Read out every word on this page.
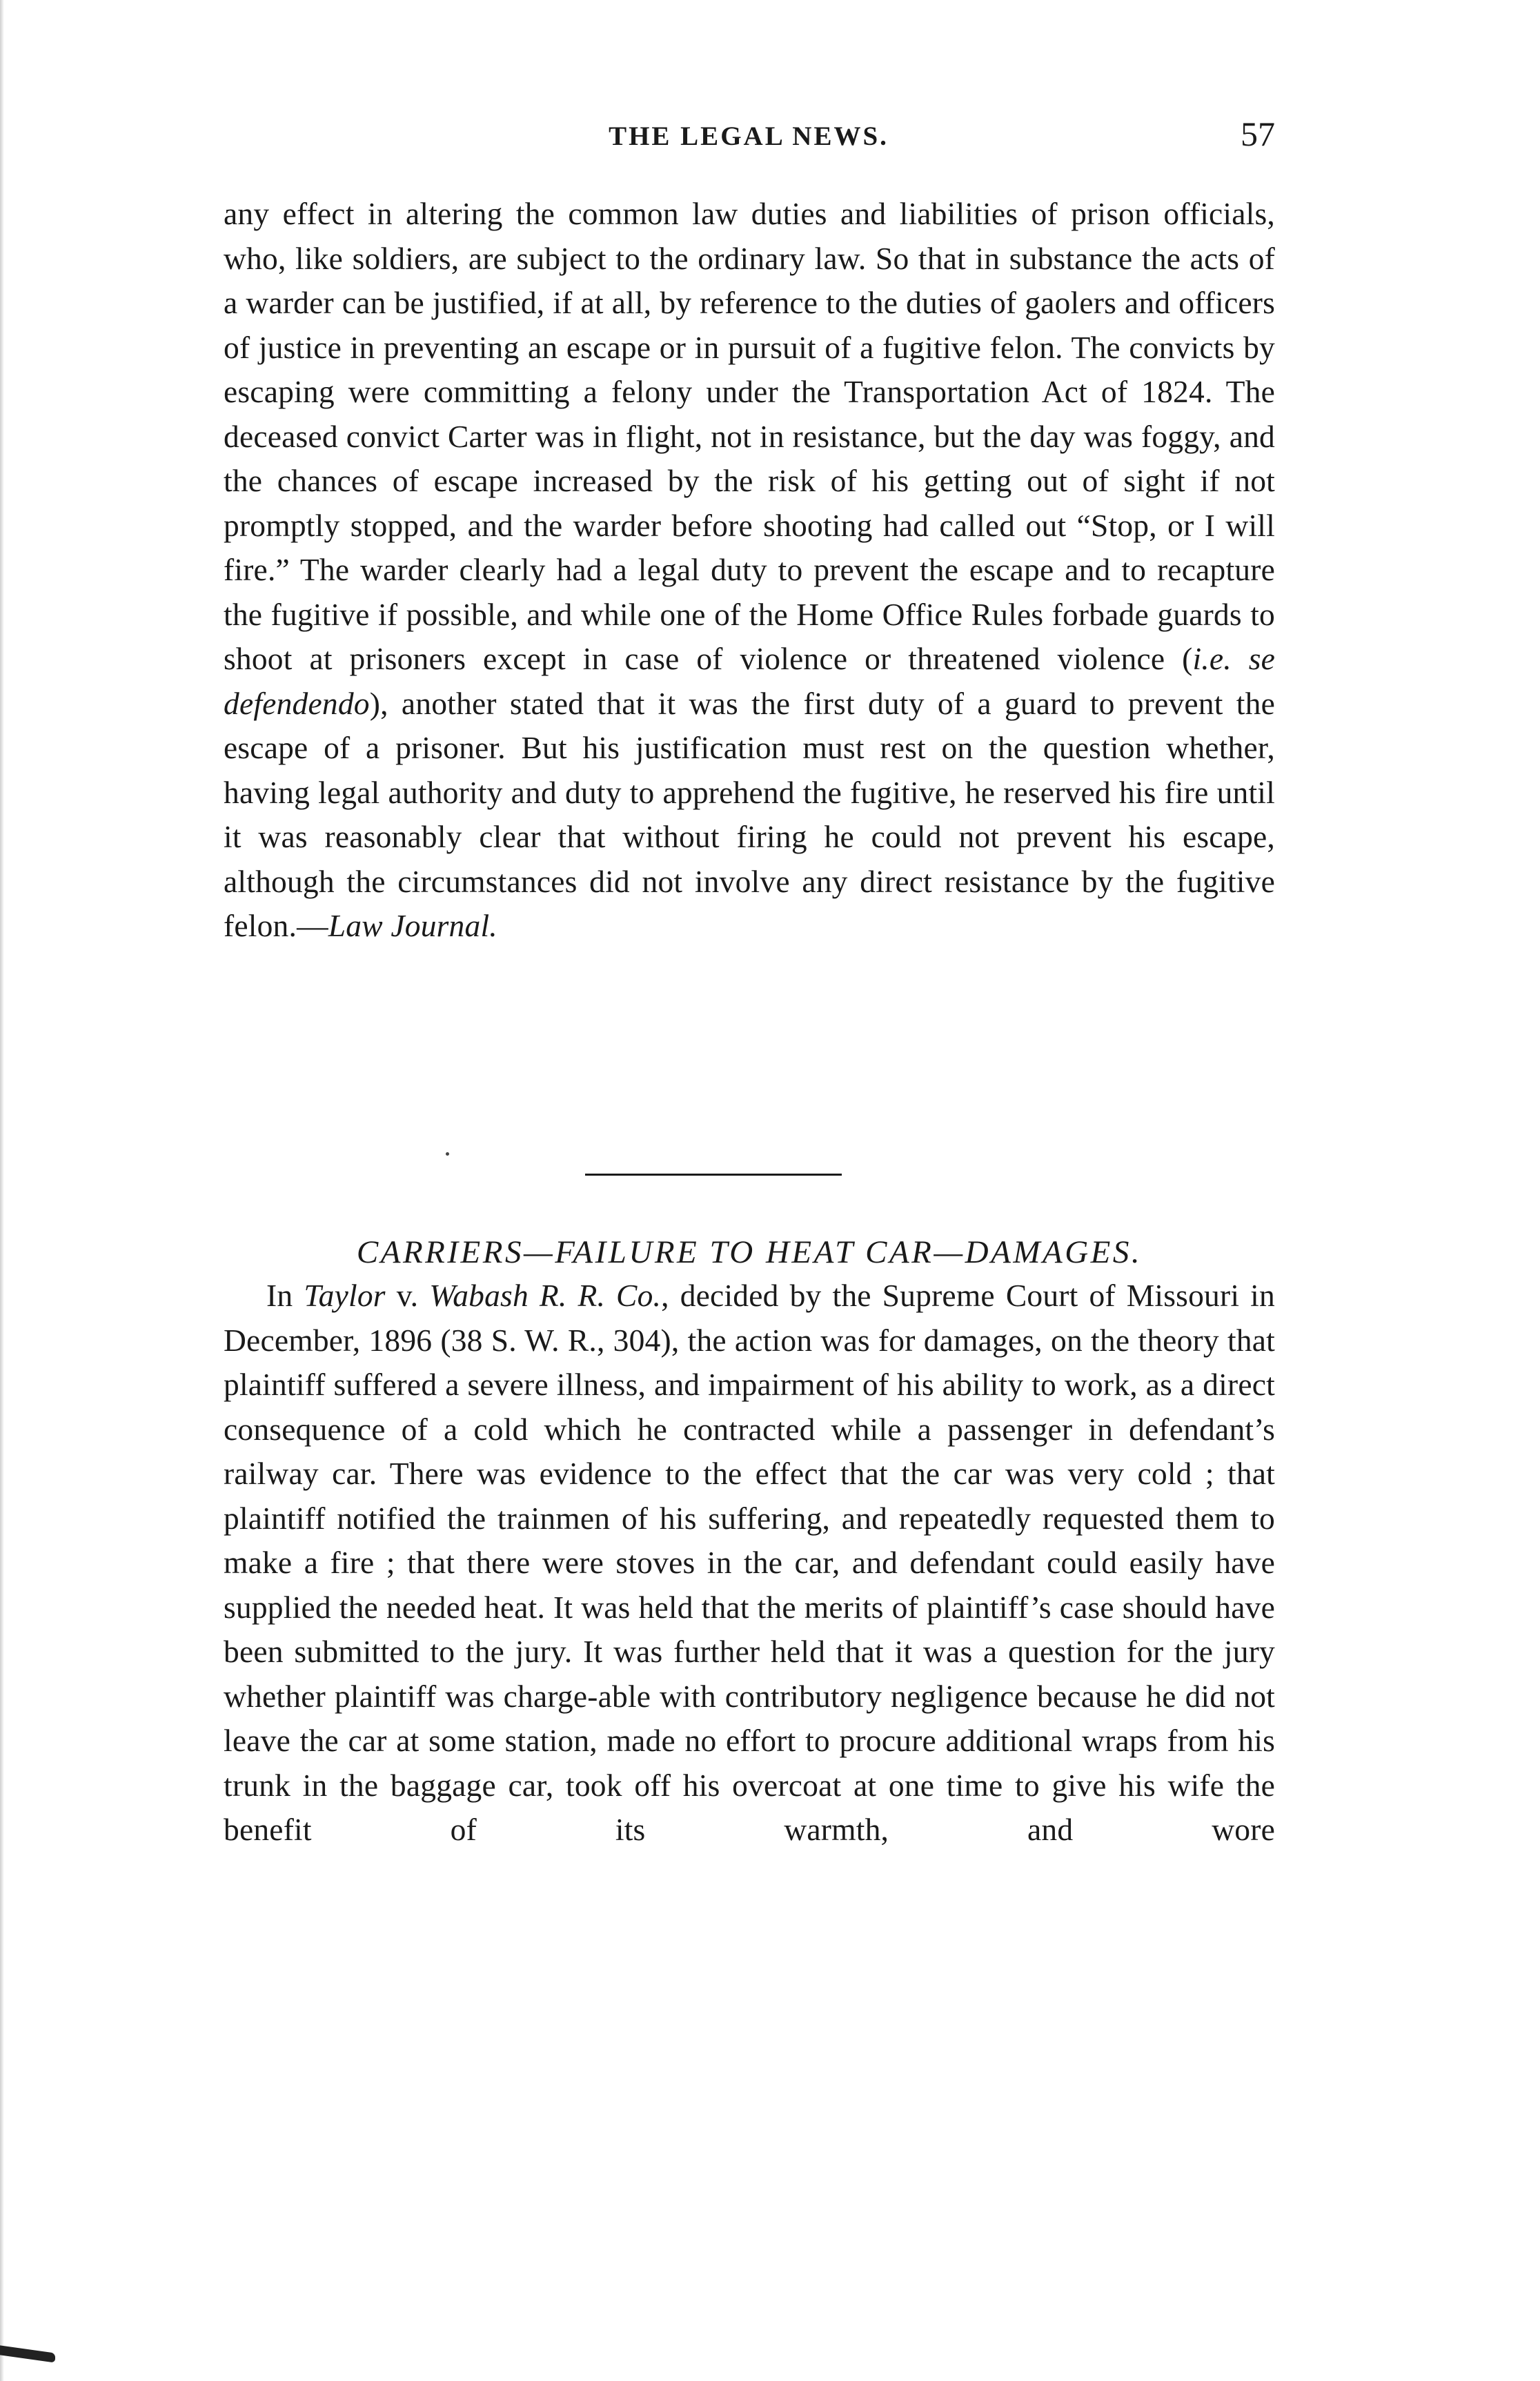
THE LEGAL NEWS.	57

any effect in altering the common law duties and liabilities of prison officials, who, like soldiers, are subject to the ordinary law. So that in substance the acts of a warder can be justified, if at all, by reference to the duties of gaolers and officers of justice in preventing an escape or in pursuit of a fugitive felon. The convicts by escaping were committing a felony under the Transportation Act of 1824. The deceased convict Carter was in flight, not in resistance, but the day was foggy, and the chances of escape increased by the risk of his getting out of sight if not promptly stopped, and the warder before shooting had called out “Stop, or I will fire.” The warder clearly had a legal duty to prevent the escape and to recapture the fugitive if possible, and while one of the Home Office Rules forbade guards to shoot at prisoners except in case of violence or threatened violence (i.e. se defendendo), another stated that it was the first duty of a guard to prevent the escape of a prisoner. But his justification must rest on the question whether, having legal authority and duty to apprehend the fugitive, he reserved his fire until it was reasonably clear that without firing he could not prevent his escape, although the circumstances did not involve any direct resistance by the fugitive felon.—Law Journal.

CARRIERS—FAILURE TO HEAT CAR—DAMAGES.

In Taylor v. Wabash R. R. Co., decided by the Supreme Court of Missouri in December, 1896 (38 S. W. R., 304), the action was for damages, on the theory that plaintiff suffered a severe illness, and impairment of his ability to work, as a direct consequence of a cold which he contracted while a passenger in defendant’s railway car. There was evidence to the effect that the car was very cold ; that plaintiff notified the trainmen of his suffering, and repeatedly requested them to make a fire ; that there were stoves in the car, and defendant could easily have supplied the needed heat. It was held that the merits of plaintiff’s case should have been submitted to the jury. It was further held that it was a question for the jury whether plaintiff was charge-able with contributory negligence because he did not leave the car at some station, made no effort to procure additional wraps from his trunk in the baggage car, took off his overcoat at one time to give his wife the benefit of its warmth, and wore
